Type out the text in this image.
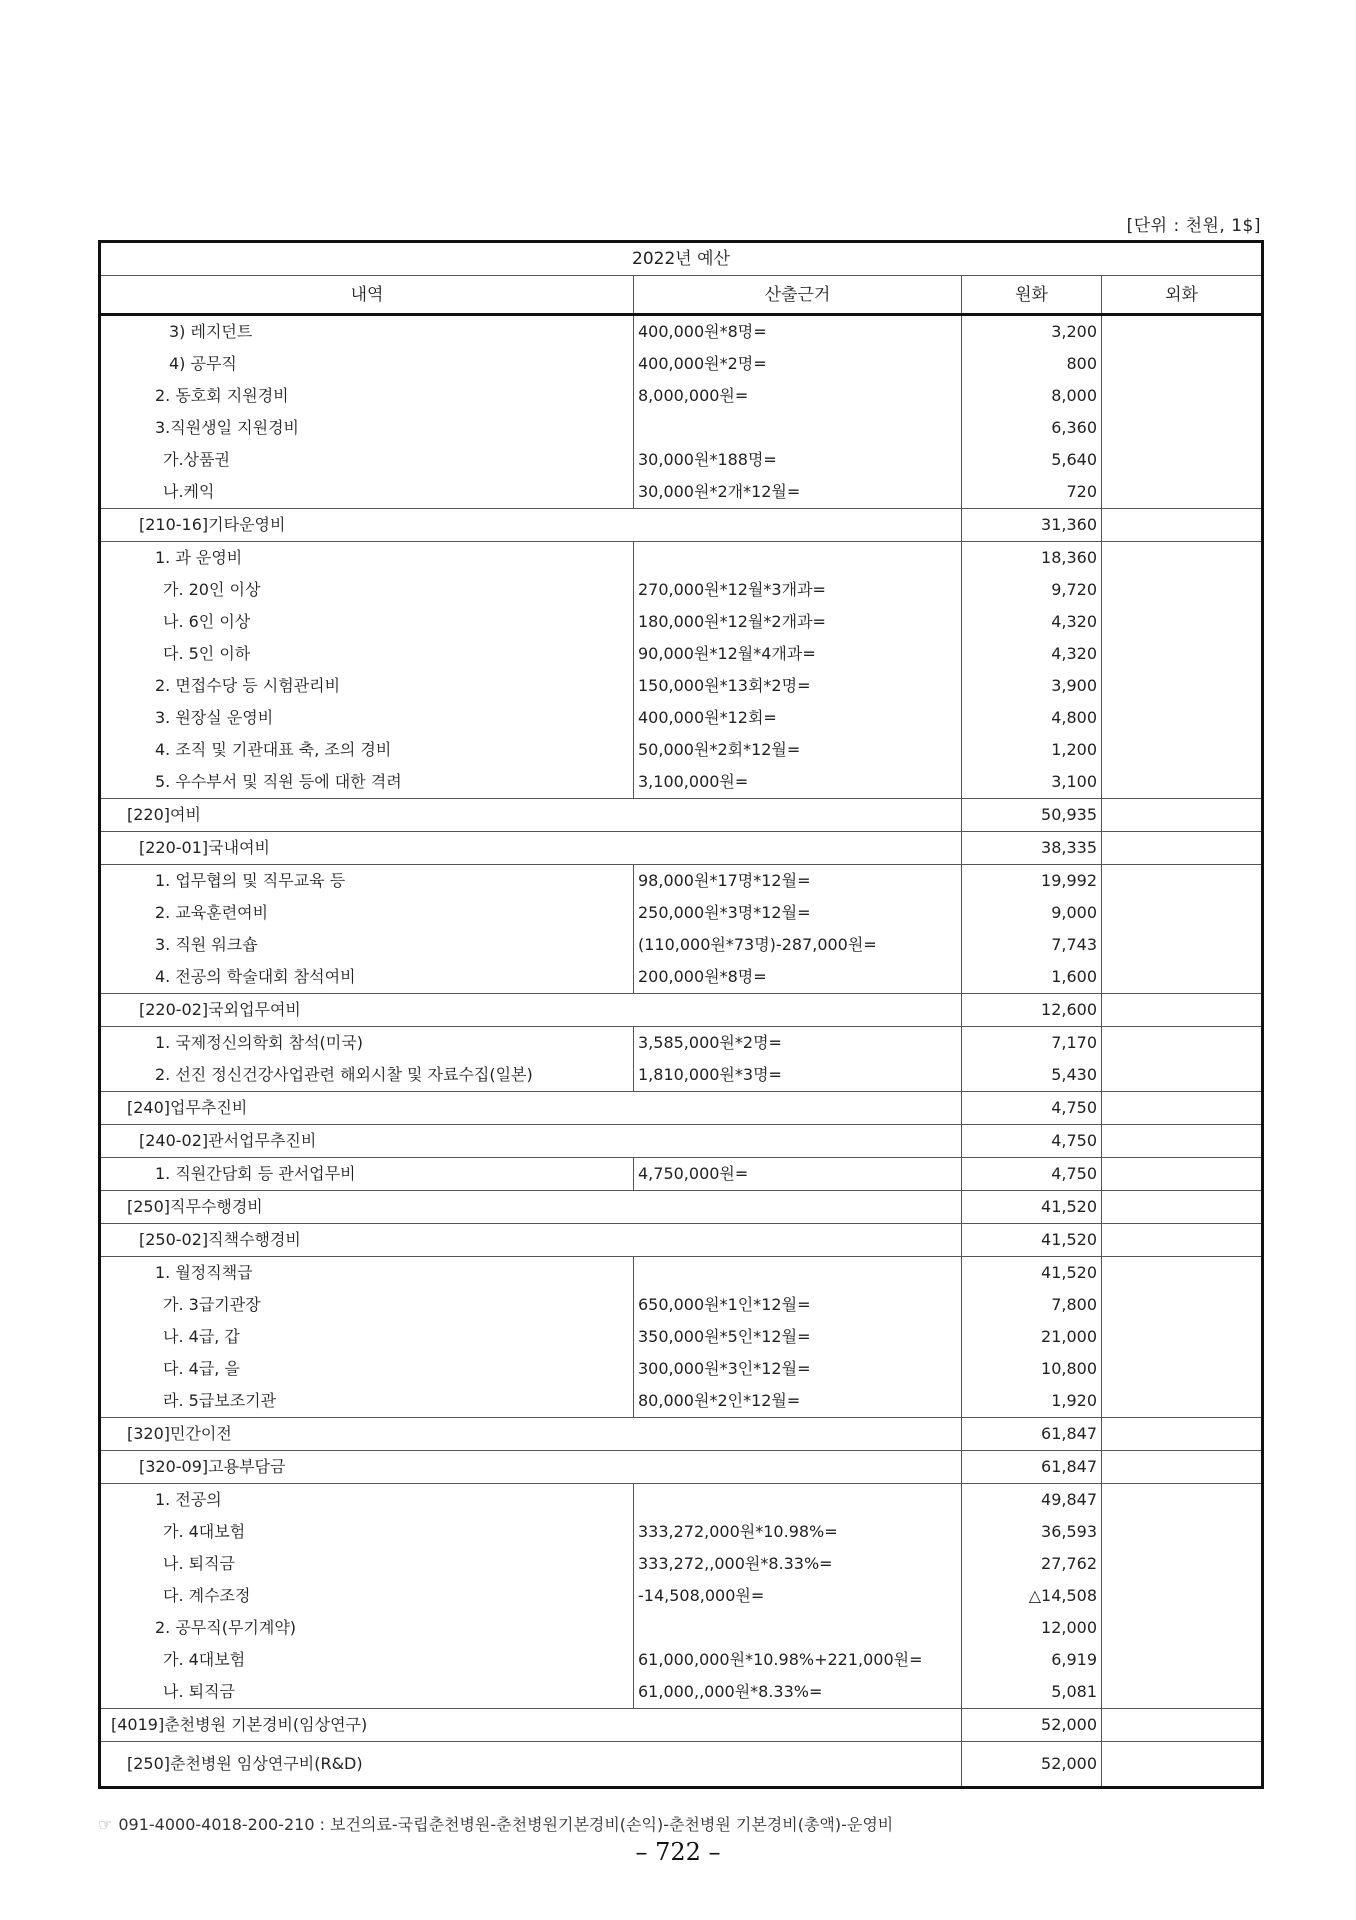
[단위 : 천원, 1$]
2022년 예산			
내역	산출근거	원화	외화
3) 레지던트	400,000원*8명=	3,200	
4) 공무직	400,000원*2명=	800	
2. 동호회 지원경비	8,000,000원=	8,000	
3.직원생일 지원경비		6,360	
가.상품권	30,000원*188명=	5,640	
나.케익	30,000원*2개*12월=	720	
[210-16]기타운영비		31,360	
1. 과 운영비		18,360	
가. 20인 이상	270,000원*12월*3개과=	9,720	
나. 6인 이상	180,000원*12월*2개과=	4,320	
다. 5인 이하	90,000원*12월*4개과=	4,320	
2. 면접수당 등 시험관리비	150,000원*13회*2명=	3,900	
3. 원장실 운영비	400,000원*12회=	4,800	
4. 조직 및 기관대표 축, 조의 경비	50,000원*2회*12월=	1,200	
5. 우수부서 및 직원 등에 대한 격려	3,100,000원=	3,100	
[220]여비		50,935	
[220-01]국내여비		38,335	
1. 업무협의 및 직무교육 등	98,000원*17명*12월=	19,992	
2. 교육훈련여비	250,000원*3명*12월=	9,000	
3. 직원 워크숍	(110,000원*73명)-287,000원=	7,743	
4. 전공의 학술대회 참석여비	200,000원*8명=	1,600	
[220-02]국외업무여비		12,600	
1. 국제정신의학회 참석(미국)	3,585,000원*2명=	7,170	
2. 선진 정신건강사업관련 해외시찰 및 자료수집(일본)	1,810,000원*3명=	5,430	
[240]업무추진비		4,750	
[240-02]관서업무추진비		4,750	
1. 직원간담회 등 관서업무비	4,750,000원=	4,750	
[250]직무수행경비		41,520	
[250-02]직책수행경비		41,520	
1. 월정직책급		41,520	
가. 3급기관장	650,000원*1인*12월=	7,800	
나. 4급, 갑	350,000원*5인*12월=	21,000	
다. 4급, 을	300,000원*3인*12월=	10,800	
라. 5급보조기관	80,000원*2인*12월=	1,920	
[320]민간이전		61,847	
[320-09]고용부담금		61,847	
1. 전공의		49,847	
가. 4대보험	333,272,000원*10.98%=	36,593	
나. 퇴직금	333,272,,000원*8.33%=	27,762	
다. 계수조정	-14,508,000원=	△14,508	
2. 공무직(무기계약)		12,000	
가. 4대보험	61,000,000원*10.98%+221,000원=	6,919	
나. 퇴직금	61,000,,000원*8.33%=	5,081	
[4019]춘천병원 기본경비(임상연구)		52,000	
[250]춘천병원 임상연구비(R&D)		52,000	
☞ 091-4000-4018-200-210 : 보건의료-국립춘천병원-춘천병원기본경비(손익)-춘천병원 기본경비(총액)-운영비
– 722 –
